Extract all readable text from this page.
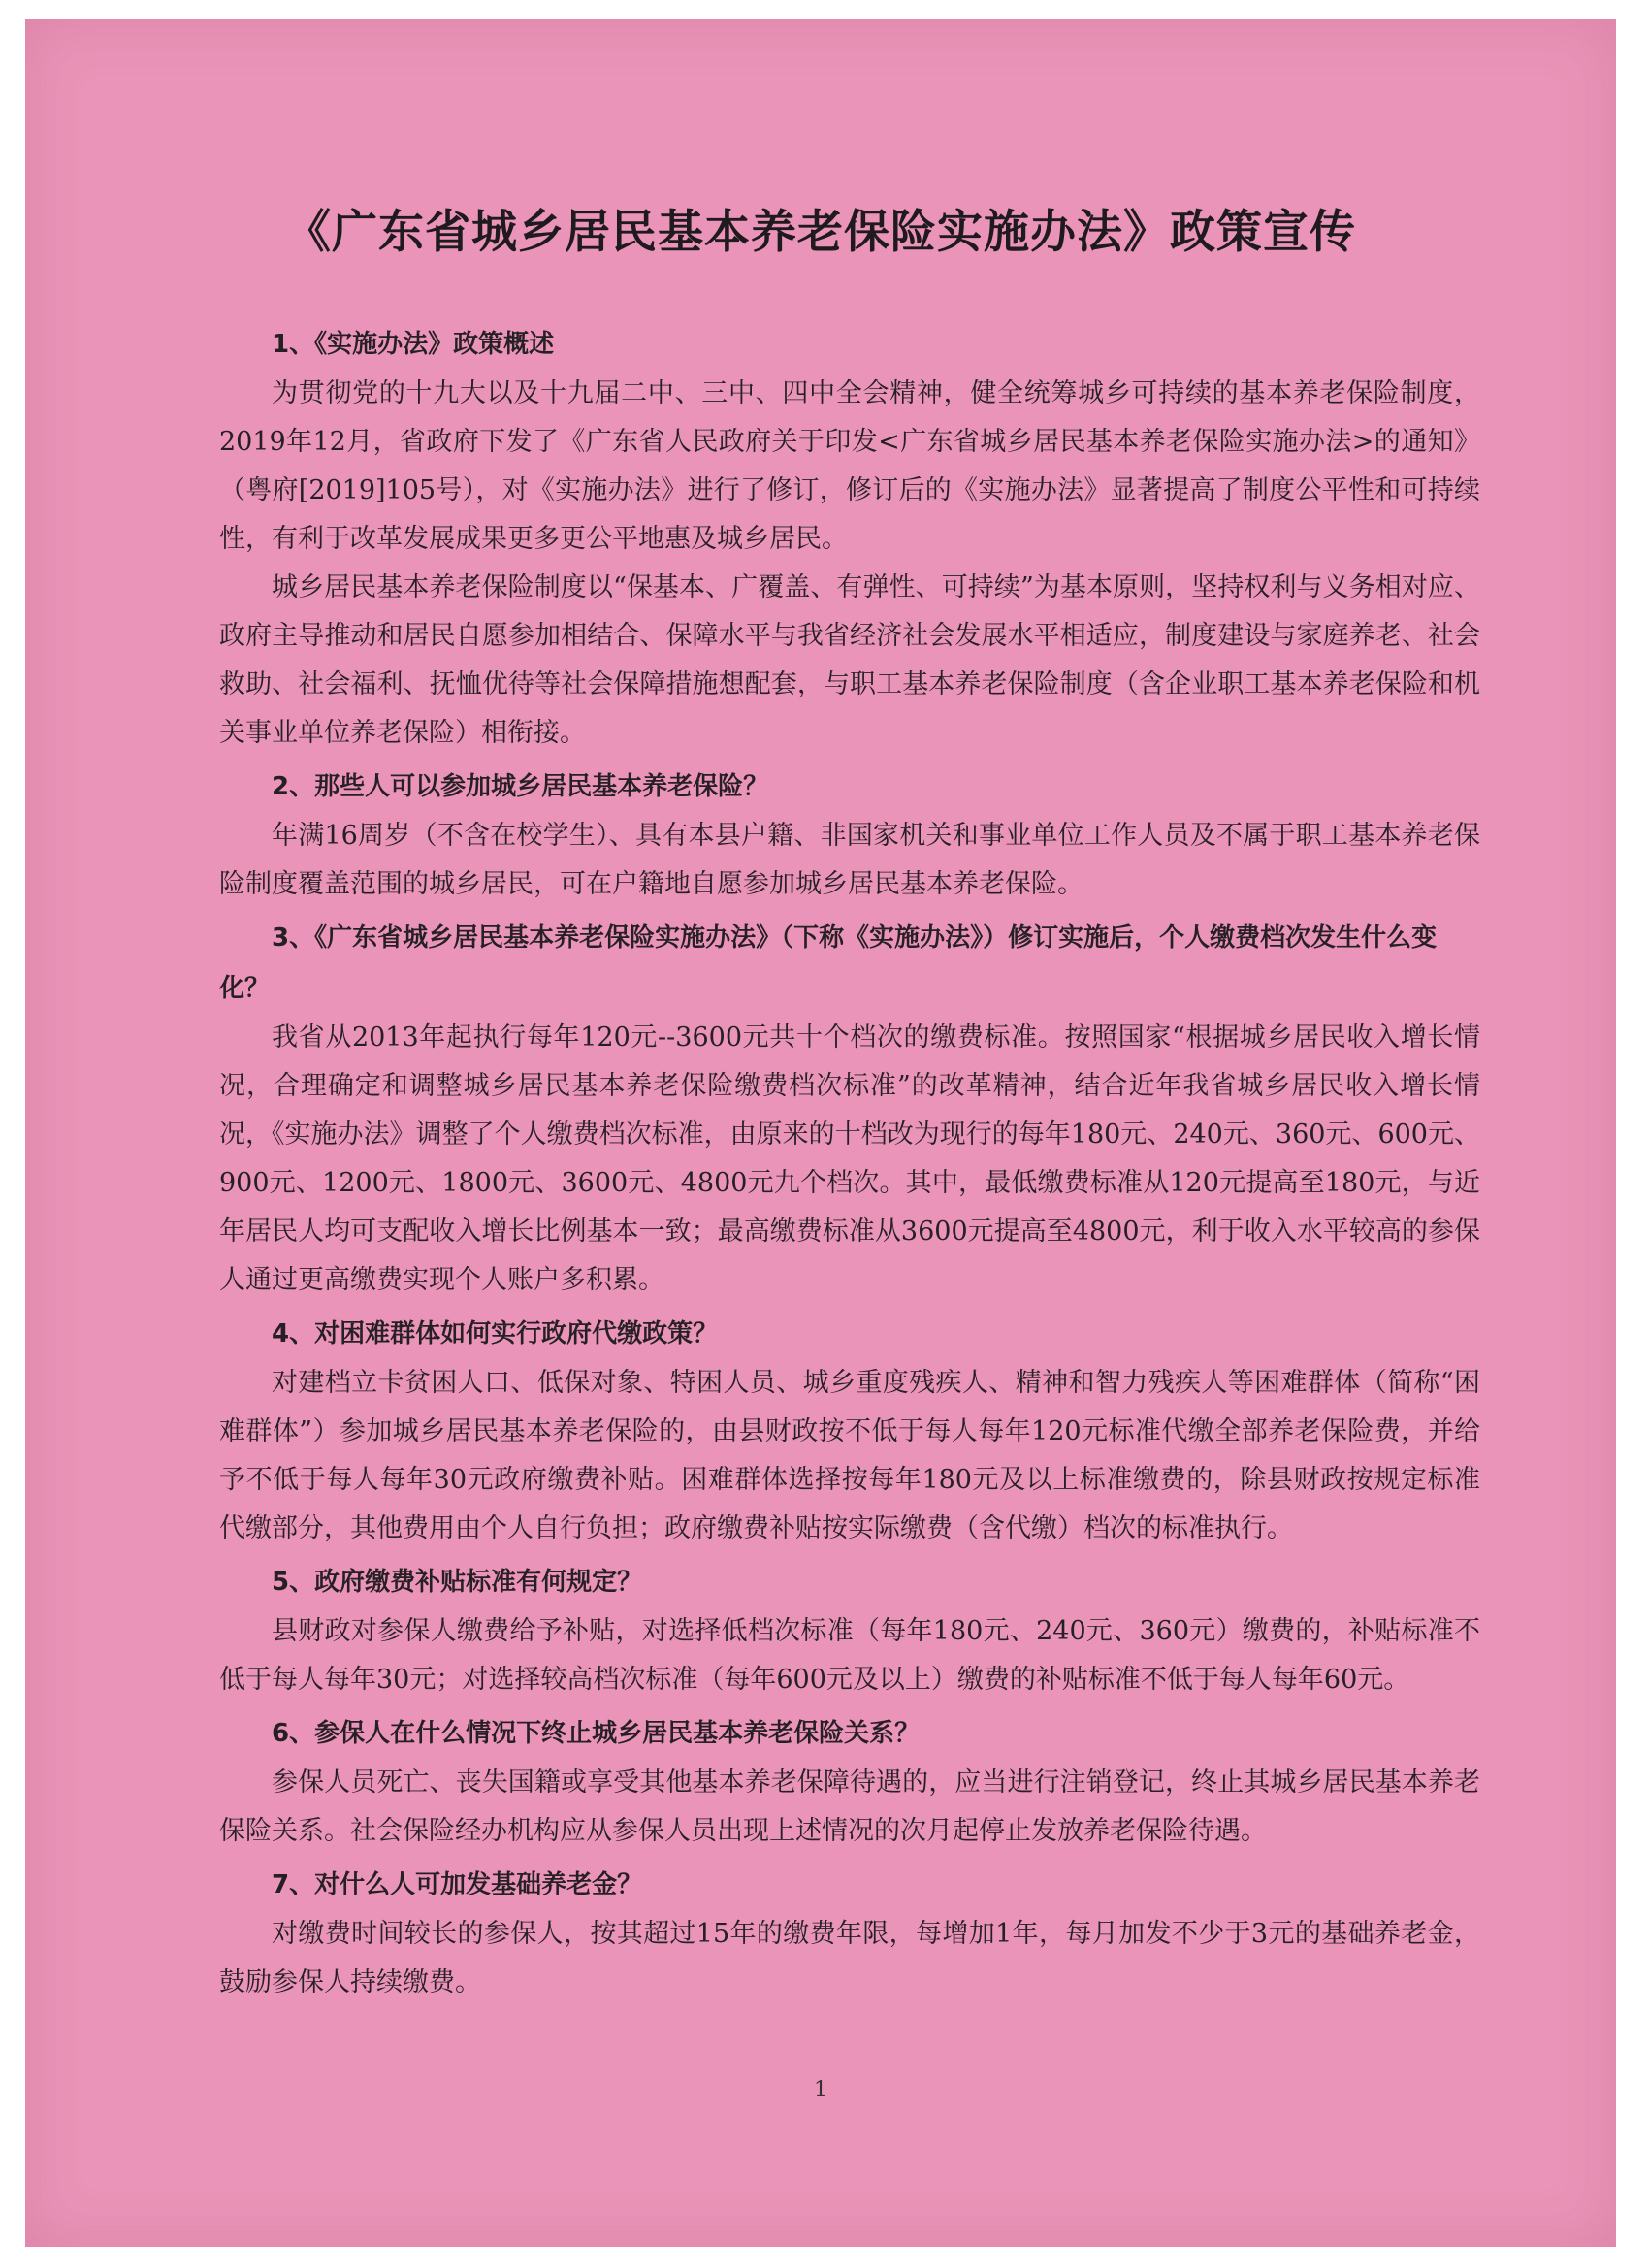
《广东省城乡居民基本养老保险实施办法》政策宣传

1、《实施办法》政策概述

为贯彻党的十九大以及十九届二中、三中、四中全会精神，健全统筹城乡可持续的基本养老保险制度，2019年12月，省政府下发了《广东省人民政府关于印发<广东省城乡居民基本养老保险实施办法>的通知》（粤府[2019]105号），对《实施办法》进行了修订，修订后的《实施办法》显著提高了制度公平性和可持续性，有利于改革发展成果更多更公平地惠及城乡居民。

城乡居民基本养老保险制度以“保基本、广覆盖、有弹性、可持续”为基本原则，坚持权利与义务相对应、政府主导推动和居民自愿参加相结合、保障水平与我省经济社会发展水平相适应，制度建设与家庭养老、社会救助、社会福利、抚恤优待等社会保障措施想配套，与职工基本养老保险制度（含企业职工基本养老保险和机关事业单位养老保险）相衔接。

2、那些人可以参加城乡居民基本养老保险？

年满16周岁（不含在校学生）、具有本县户籍、非国家机关和事业单位工作人员及不属于职工基本养老保险制度覆盖范围的城乡居民，可在户籍地自愿参加城乡居民基本养老保险。

3、《广东省城乡居民基本养老保险实施办法》（下称《实施办法》）修订实施后，个人缴费档次发生什么变化？

我省从2013年起执行每年120元--3600元共十个档次的缴费标准。按照国家“根据城乡居民收入增长情况，合理确定和调整城乡居民基本养老保险缴费档次标准”的改革精神，结合近年我省城乡居民收入增长情况，《实施办法》调整了个人缴费档次标准，由原来的十档改为现行的每年180元、240元、360元、600元、900元、1200元、1800元、3600元、4800元九个档次。其中，最低缴费标准从120元提高至180元，与近年居民人均可支配收入增长比例基本一致；最高缴费标准从3600元提高至4800元，利于收入水平较高的参保人通过更高缴费实现个人账户多积累。

4、对困难群体如何实行政府代缴政策？

对建档立卡贫困人口、低保对象、特困人员、城乡重度残疾人、精神和智力残疾人等困难群体（简称“困难群体”）参加城乡居民基本养老保险的，由县财政按不低于每人每年120元标准代缴全部养老保险费，并给予不低于每人每年30元政府缴费补贴。困难群体选择按每年180元及以上标准缴费的，除县财政按规定标准代缴部分，其他费用由个人自行负担；政府缴费补贴按实际缴费（含代缴）档次的标准执行。

5、政府缴费补贴标准有何规定？

县财政对参保人缴费给予补贴，对选择低档次标准（每年180元、240元、360元）缴费的，补贴标准不低于每人每年30元；对选择较高档次标准（每年600元及以上）缴费的补贴标准不低于每人每年60元。

6、参保人在什么情况下终止城乡居民基本养老保险关系？

参保人员死亡、丧失国籍或享受其他基本养老保障待遇的，应当进行注销登记，终止其城乡居民基本养老保险关系。社会保险经办机构应从参保人员出现上述情况的次月起停止发放养老保险待遇。

7、对什么人可加发基础养老金？

对缴费时间较长的参保人，按其超过15年的缴费年限，每增加1年，每月加发不少于3元的基础养老金，鼓励参保人持续缴费。

1
